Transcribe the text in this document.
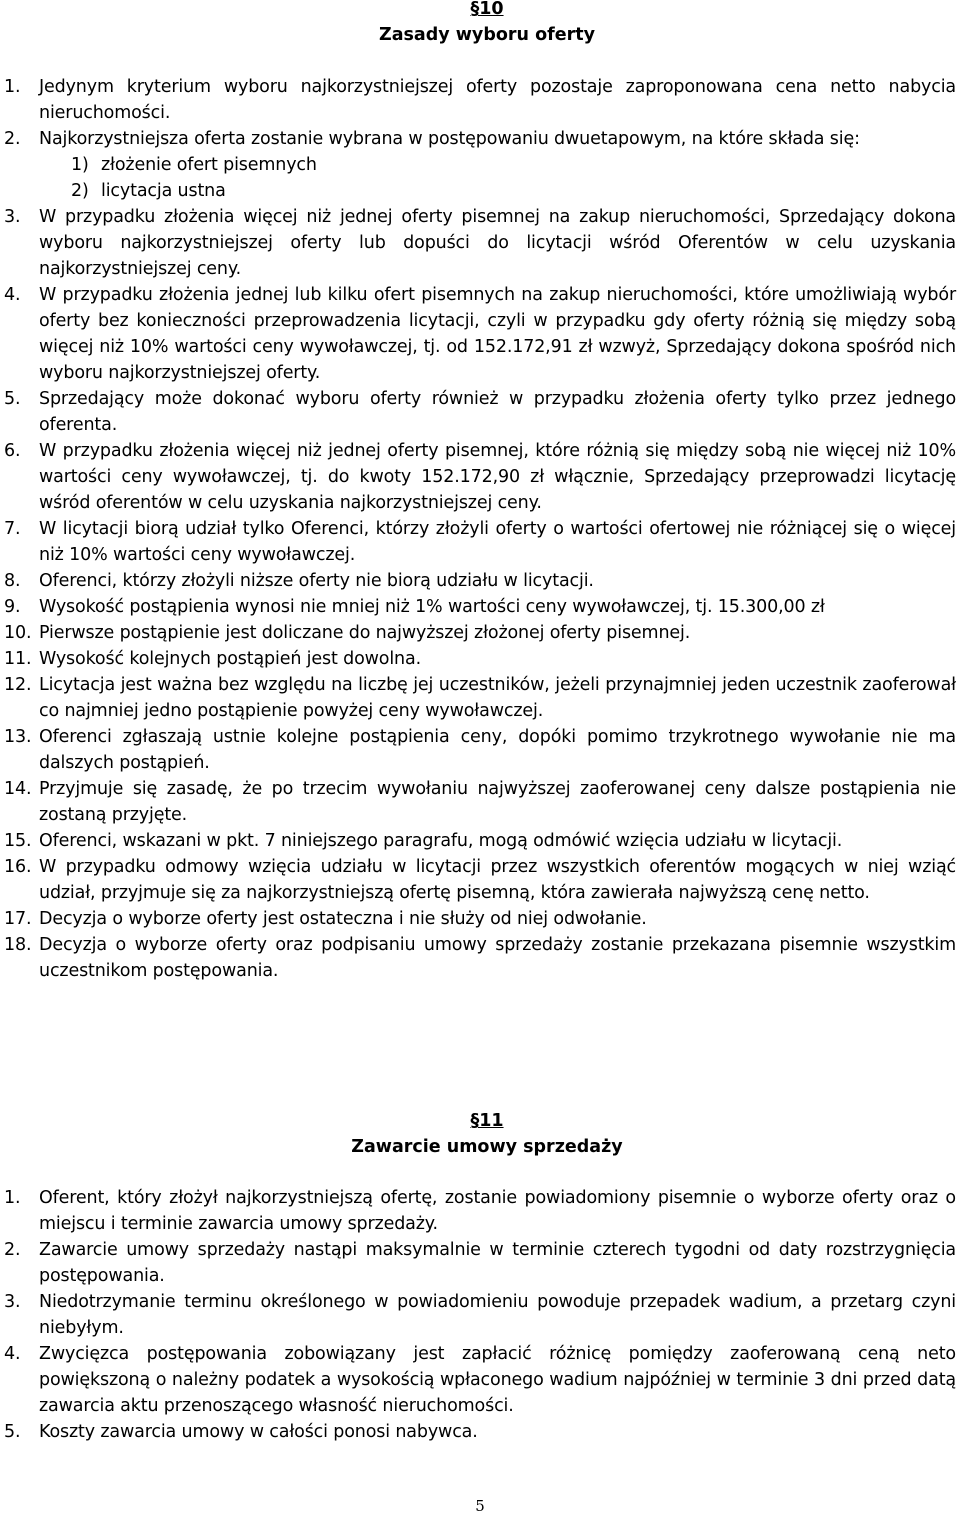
§10
Zasady wyboru oferty
1. Jedynym kryterium wyboru najkorzystniejszej oferty pozostaje zaproponowana cena netto nabycia nieruchomości.
2. Najkorzystniejsza oferta zostanie wybrana w postępowaniu dwuetapowym, na które składa się:
1) złożenie ofert pisemnych
2) licytacja ustna
3. W przypadku złożenia więcej niż jednej oferty pisemnej na zakup nieruchomości, Sprzedający dokona wyboru najkorzystniejszej oferty lub dopuści do licytacji wśród Oferentów w celu uzyskania najkorzystniejszej ceny.
4. W przypadku złożenia jednej lub kilku ofert pisemnych na zakup nieruchomości, które umożliwiają wybór oferty bez konieczności przeprowadzenia licytacji, czyli w przypadku gdy oferty różnią się między sobą więcej niż 10% wartości ceny wywoławczej, tj. od 152.172,91 zł wzwyż, Sprzedający dokona spośród nich wyboru najkorzystniejszej oferty.
5. Sprzedający może dokonać wyboru oferty również w przypadku złożenia oferty tylko przez jednego oferenta.
6. W przypadku złożenia więcej niż jednej oferty pisemnej, które różnią się między sobą nie więcej niż 10% wartości ceny wywoławczej, tj. do kwoty 152.172,90 zł włącznie, Sprzedający przeprowadzi licytację wśród oferentów w celu uzyskania najkorzystniejszej ceny.
7. W licytacji biorą udział tylko Oferenci, którzy złożyli oferty o wartości ofertowej nie różniącej się o więcej niż 10% wartości ceny wywoławczej.
8. Oferenci, którzy złożyli niższe oferty nie biorą udziału w licytacji.
9. Wysokość postąpienia wynosi nie mniej niż 1% wartości ceny wywoławczej, tj. 15.300,00 zł
10. Pierwsze postąpienie jest doliczane do najwyższej złożonej oferty pisemnej.
11. Wysokość kolejnych postąpień jest dowolna.
12. Licytacja jest ważna bez względu na liczbę jej uczestników, jeżeli przynajmniej jeden uczestnik zaoferował co najmniej jedno postąpienie powyżej ceny wywoławczej.
13. Oferenci zgłaszają ustnie kolejne postąpienia ceny, dopóki pomimo trzykrotnego wywołanie nie ma dalszych postąpień.
14. Przyjmuje się zasadę, że po trzecim wywołaniu najwyższej zaoferowanej ceny dalsze postąpienia nie zostaną przyjęte.
15. Oferenci, wskazani w pkt. 7 niniejszego paragrafu, mogą odmówić wzięcia udziału w licytacji.
16. W przypadku odmowy wzięcia udziału w licytacji przez wszystkich oferentów mogących w niej wziąć udział, przyjmuje się za najkorzystniejszą ofertę pisemną, która zawierała najwyższą cenę netto.
17. Decyzja o wyborze oferty jest ostateczna i nie służy od niej odwołanie.
18. Decyzja o wyborze oferty oraz podpisaniu umowy sprzedaży zostanie przekazana pisemnie wszystkim uczestnikom postępowania.
§11
Zawarcie umowy sprzedaży
1. Oferent, który złożył najkorzystniejszą ofertę, zostanie powiadomiony pisemnie o wyborze oferty oraz o miejscu i terminie zawarcia umowy sprzedaży.
2. Zawarcie umowy sprzedaży nastąpi maksymalnie w terminie czterech tygodni od daty rozstrzygnięcia postępowania.
3. Niedotrzymanie terminu określonego w powiadomieniu powoduje przepadek wadium, a przetarg czyni niebyłym.
4. Zwycięzca postępowania zobowiązany jest zapłacić różnicę pomiędzy zaoferowaną ceną neto powiększoną o należny podatek a wysokością wpłaconego wadium najpóźniej w terminie 3 dni przed datą zawarcia aktu przenoszącego własność nieruchomości.
5. Koszty zawarcia umowy w całości ponosi nabywca.
5
